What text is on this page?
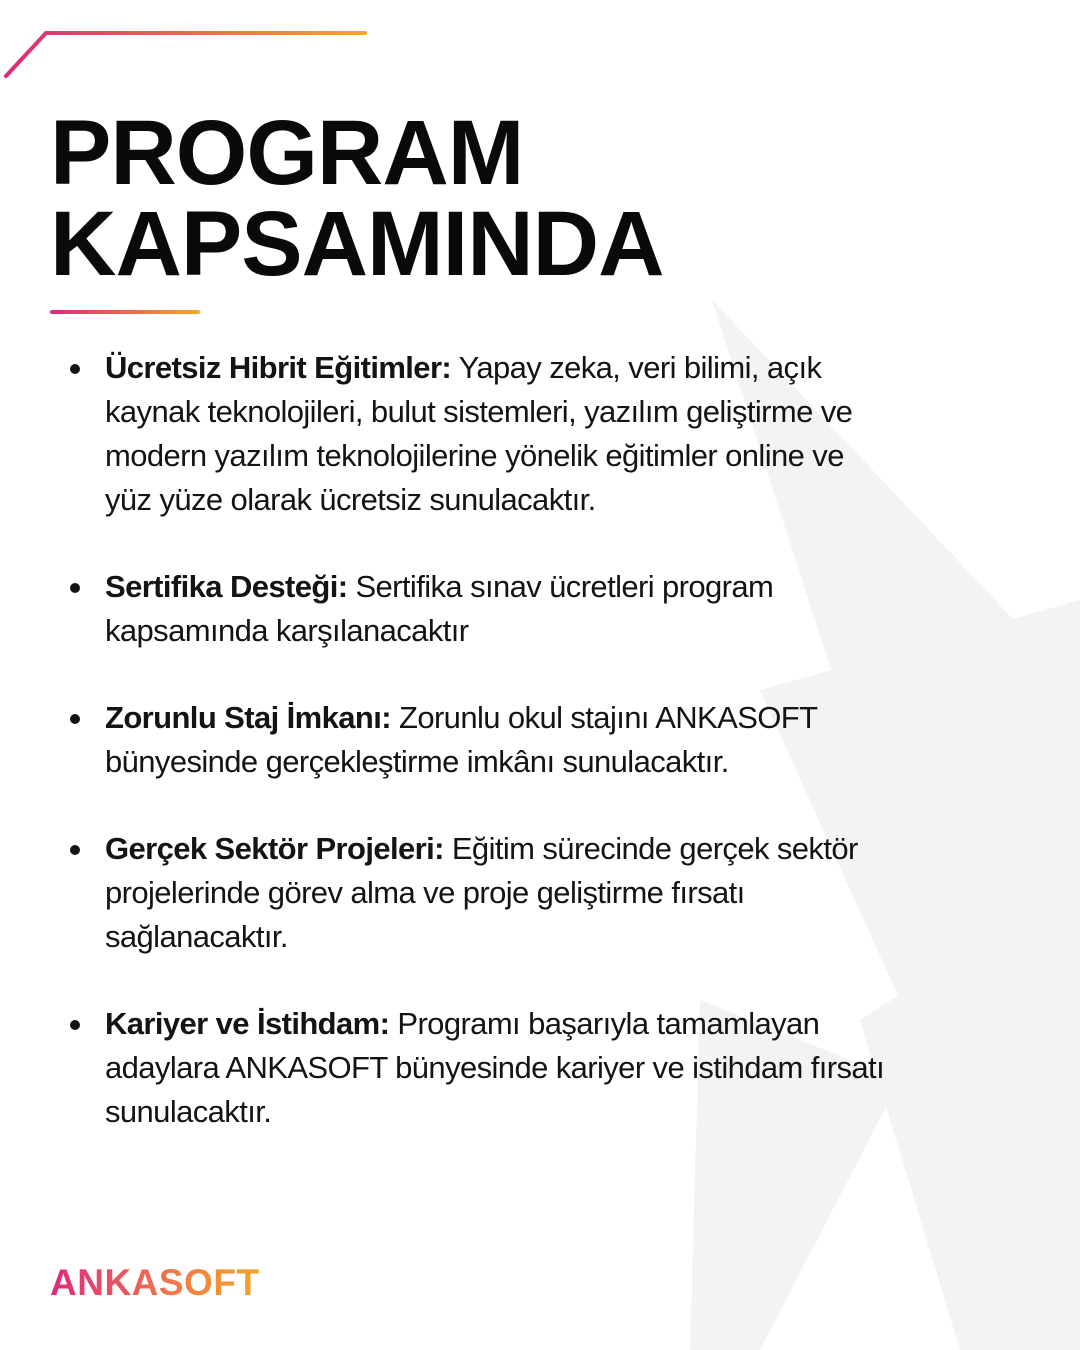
PROGRAM
KAPSAMINDA
Ücretsiz Hibrit Eğitimler: Yapay zeka, veri bilimi, açık kaynak teknolojileri, bulut sistemleri, yazılım geliştirme ve modern yazılım teknolojilerine yönelik eğitimler online ve yüz yüze olarak ücretsiz sunulacaktır.
Sertifika Desteği: Sertifika sınav ücretleri program kapsamında karşılanacaktır
Zorunlu Staj İmkanı: Zorunlu okul stajını ANKASOFT bünyesinde gerçekleştirme imkânı sunulacaktır.
Gerçek Sektör Projeleri: Eğitim sürecinde gerçek sektör projelerinde görev alma ve proje geliştirme fırsatı sağlanacaktır.
Kariyer ve İstihdam: Programı başarıyla tamamlayan adaylara ANKASOFT bünyesinde kariyer ve istihdam fırsatı sunulacaktır.
ANKASOFT
